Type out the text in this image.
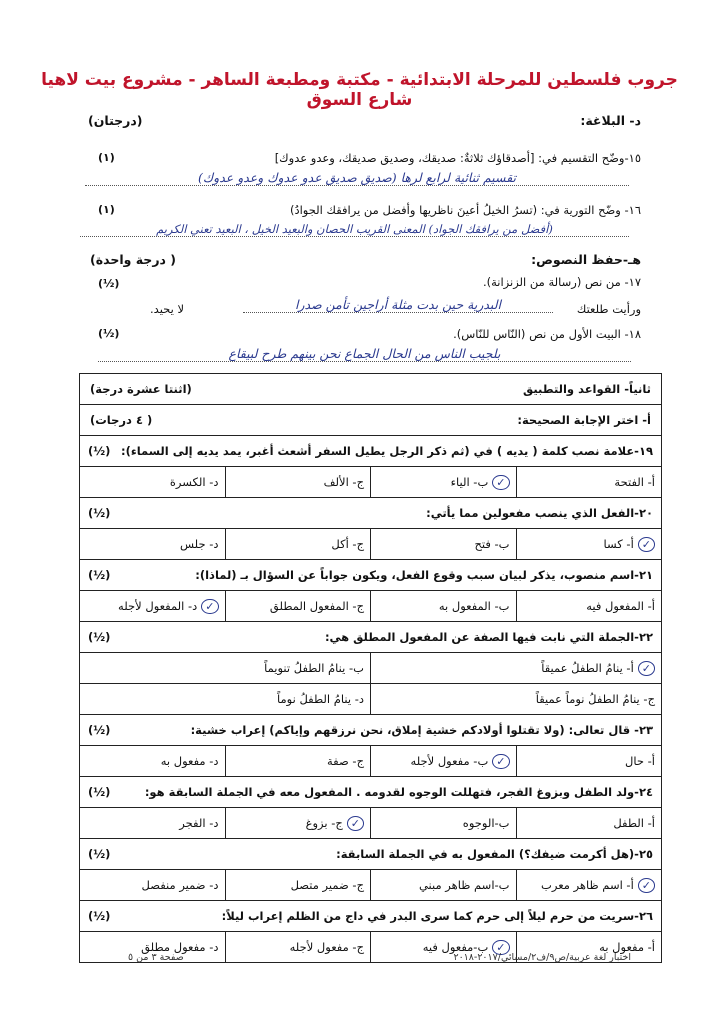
جروب فلسطين للمرحلة الابتدائية - مكتبة ومطبعة الساهر - مشروع بيت لاهيا شارع السوق
د- البلاغة:
(درجتان)
١٥-وضّح التقسيم في: [أصدقاؤك ثلاثةٌ: صديقك، وصديق صديقك، وعدو عدوك]
(١)
تقسيم ثنائية لرابع لرها (صديق صديق عدو عدوك وعدو عدوك)
١٦- وضّح التورية في: (تسرُ الخيلُ أعينَ ناظريها وأفضل من يرافقك الجوادُ)
(١)
(أفضل من يرافقك الجواد) المعنى القريب الحصان والبعيد الخيل ، البعيد تعني الكريم
هـ-حفظ النصوص:
( درجة واحدة)
١٧- من نص (رسالة من الزنزانة).
(½)
ورأيت طلعتك
البدرية حين بدت مثلة أراجين تأمن صدرا
لا يحيد.
١٨- البيت الأول من نص (النّاس للنّاس).
(½)
بلجيب الناس من الحال الجماع نحن بينهم طرح لبيقاع
ثانياً- القواعد والتطبيق
(اثنتا عشرة درجة)
أ- اختر الإجابة الصحيحة:
( ٤ درجات)
١٩-علامة نصب كلمة ( يديه ) في (ثم ذكر الرجل يطيل السفر أشعث أغبر، يمد يديه إلى السماء):
(½)
أ- الفتحة
✓
ب- الياء
ج- الألف
د- الكسرة
٢٠-الفعل الذي ينصب مفعولين مما يأتي:
(½)
✓
أ- كسا
ب- فتح
ج- أكل
د- جلس
٢١-اسم منصوب، يذكر لبيان سبب وقوع الفعل، ويكون جواباً عن السؤال بـ (لماذا):
(½)
أ- المفعول فيه
ب- المفعول به
ج- المفعول المطلق
✓
د- المفعول لأجله
٢٢-الجملة التي نابت فيها الصفة عن المفعول المطلق هي:
(½)
✓
أ- ينامُ الطفلُ عميقاً
ب- ينامُ الطفلُ تنويماً
ج- ينامُ الطفلُ نوماً عميقاً
د- ينامُ الطفلُ نوماً
٢٣- قال تعالى: (ولا تقتلوا أولادكم خشية إملاق، نحن نرزقهم وإياكم) إعراب خشية:
(½)
أ- حال
✓
ب- مفعول لأجله
ج- صفة
د- مفعول به
٢٤-ولد الطفل وبزوغ الفجر، فتهللت الوجوه لقدومه . المفعول معه في الجملة السابقة هو:
(½)
أ- الطفل
ب-الوجوه
✓
ج- بزوغ
د- الفجر
٢٥-(هل أكرمت ضيفك؟) المفعول به في الجملة السابقة:
(½)
✓
أ- اسم ظاهر معرب
ب-اسم ظاهر مبني
ج- ضمير متصل
د- ضمير منفصل
٢٦-سريت من حرم ليلاً إلى حرم كما سرى البدر في داج من الظلم إعراب ليلاً:
(½)
أ- مفعول به
✓
ب-مفعول فيه
ج- مفعول لأجله
د- مفعول مطلق
صفحة ٣ من ٥	اختبار لغة عربية/ص٩/ف٢/مسائي/٢٠١٧-٢٠١٨
